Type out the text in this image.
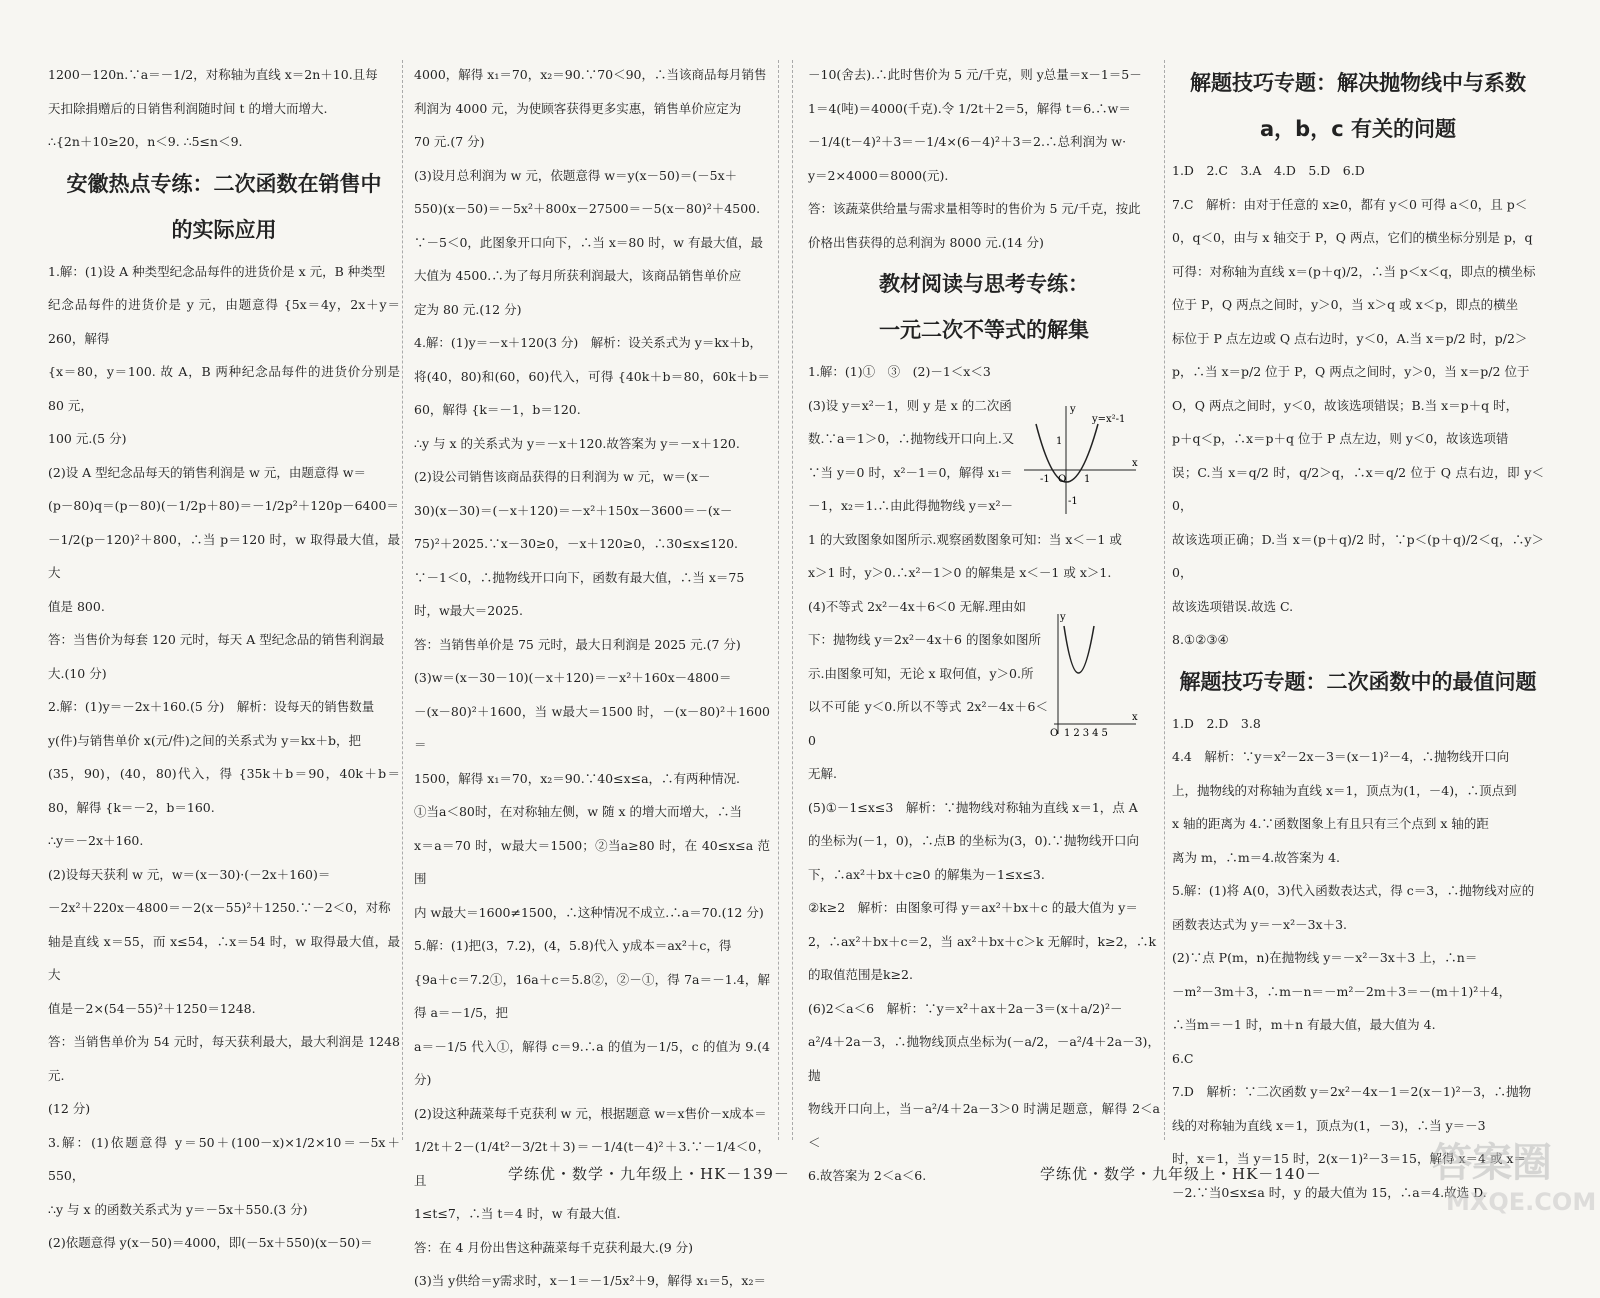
1200－120n.∵a＝－1/2，对称轴为直线 x＝2n＋10.且每

天扣除捐赠后的日销售利润随时间 t 的增大而增大.

∴{2n＋10≥20，n＜9. ∴5≤n＜9.

安徽热点专练：二次函数在销售中
的实际应用

1.解：(1)设 A 种类型纪念品每件的进货价是 x 元，B 种类型

纪念品每件的进货价是 y 元，由题意得 {5x＝4y，2x＋y＝260，解得

{x＝80，y＝100. 故 A，B 两种纪念品每件的进货价分别是 80 元，

100 元.(5 分)

(2)设 A 型纪念品每天的销售利润是 w 元，由题意得 w＝

(p－80)q＝(p－80)(－1/2p＋80)＝－1/2p²＋120p－6400＝

－1/2(p－120)²＋800，∴当 p＝120 时，w 取得最大值，最大

值是 800.

答：当售价为每套 120 元时，每天 A 型纪念品的销售利润最

大.(10 分)

2.解：(1)y＝－2x＋160.(5 分)　解析：设每天的销售数量

y(件)与销售单价 x(元/件)之间的关系式为 y＝kx＋b，把

(35，90)，(40，80)代入，得 {35k＋b＝90，40k＋b＝80，解得 {k＝－2，b＝160.

∴y＝－2x＋160.

(2)设每天获利 w 元，w＝(x－30)·(－2x＋160)＝

－2x²＋220x－4800＝－2(x－55)²＋1250.∵－2＜0，对称

轴是直线 x＝55，而 x≤54，∴x＝54 时，w 取得最大值，最大

值是－2×(54－55)²＋1250＝1248.

答：当销售单价为 54 元时，每天获利最大，最大利润是 1248 元.

(12 分)

3.解：(1)依题意得 y＝50＋(100－x)×1/2×10＝－5x＋550，

∴y 与 x 的函数关系式为 y＝－5x＋550.(3 分)

(2)依题意得 y(x－50)＝4000，即(－5x＋550)(x－50)＝

4000，解得 x₁＝70，x₂＝90.∵70＜90，∴当该商品每月销售

利润为 4000 元，为使顾客获得更多实惠，销售单价应定为

70 元.(7 分)

(3)设月总利润为 w 元，依题意得 w＝y(x－50)＝(－5x＋

550)(x－50)＝－5x²＋800x－27500＝－5(x－80)²＋4500.

∵－5＜0，此图象开口向下，∴当 x＝80 时，w 有最大值，最

大值为 4500.∴为了每月所获利润最大，该商品销售单价应

定为 80 元.(12 分)

4.解：(1)y＝－x＋120(3 分)　解析：设关系式为 y＝kx＋b，

将(40，80)和(60，60)代入，可得 {40k＋b＝80，60k＋b＝60，解得 {k＝－1，b＝120.

∴y 与 x 的关系式为 y＝－x＋120.故答案为 y＝－x＋120.

(2)设公司销售该商品获得的日利润为 w 元，w＝(x－

30)(x－30)＝(－x＋120)＝－x²＋150x－3600＝－(x－

75)²＋2025.∵x－30≥0，－x＋120≥0，∴30≤x≤120.

∵－1＜0，∴抛物线开口向下，函数有最大值，∴当 x＝75

时，w最大＝2025.

答：当销售单价是 75 元时，最大日利润是 2025 元.(7 分)

(3)w＝(x－30－10)(－x＋120)＝－x²＋160x－4800＝

－(x－80)²＋1600，当 w最大＝1500 时，－(x－80)²＋1600＝

1500，解得 x₁＝70，x₂＝90.∵40≤x≤a，∴有两种情况.

①当a＜80时，在对称轴左侧，w 随 x 的增大而增大，∴当

x＝a＝70 时，w最大＝1500；②当a≥80 时，在 40≤x≤a 范围

内 w最大＝1600≠1500，∴这种情况不成立.∴a＝70.(12 分)

5.解：(1)把(3，7.2)，(4，5.8)代入 y成本＝ax²＋c，得

{9a＋c＝7.2①，16a＋c＝5.8②，②－①，得 7a＝－1.4，解得 a＝－1/5，把

a＝－1/5 代入①，解得 c＝9.∴a 的值为－1/5，c 的值为 9.(4 分)

(2)设这种蔬菜每千克获利 w 元，根据题意 w＝x售价－x成本＝

1/2t＋2－(1/4t²－3/2t＋3)＝－1/4(t－4)²＋3.∵－1/4＜0，且

1≤t≤7，∴当 t＝4 时，w 有最大值.

答：在 4 月份出售这种蔬菜每千克获利最大.(9 分)

(3)当 y供给＝y需求时，x－1＝－1/5x²＋9，解得 x₁＝5，x₂＝

－10(舍去).∴此时售价为 5 元/千克，则 y总量＝x－1＝5－

1＝4(吨)＝4000(千克).令 1/2t＋2＝5，解得 t＝6.∴w＝

－1/4(t－4)²＋3＝－1/4×(6－4)²＋3＝2.∴总利润为 w·

y＝2×4000＝8000(元).

答：该蔬菜供给量与需求量相等时的售价为 5 元/千克，按此

价格出售获得的总利润为 8000 元.(14 分)

教材阅读与思考专练：
一元二次不等式的解集

1.解：(1)①　③　(2)－1＜x＜3

(3)设 y＝x²－1，则 y 是 x 的二次函

数.∵a＝1＞0，∴抛物线开口向上.又

∵当 y＝0 时，x²－1＝0，解得 x₁＝

－1，x₂＝1.∴由此得抛物线 y＝x²－

1 的大致图象如图所示.观察函数图象可知：当 x＜－1 或

x＞1 时，y＞0.∴x²－1＞0 的解集是 x＜－1 或 x＞1.

(4)不等式 2x²－4x＋6＜0 无解.理由如

下：抛物线 y＝2x²－4x＋6 的图象如图所

示.由图象可知，无论 x 取何值，y＞0.所

以不可能 y＜0.所以不等式 2x²－4x＋6＜0

无解.

(5)①－1≤x≤3　解析：∵抛物线对称轴为直线 x＝1，点 A

的坐标为(－1，0)，∴点B 的坐标为(3，0).∵抛物线开口向

下，∴ax²＋bx＋c≥0 的解集为－1≤x≤3.

②k≥2　解析：由图象可得 y＝ax²＋bx＋c 的最大值为 y＝

2，∴ax²＋bx＋c＝2，当 ax²＋bx＋c＞k 无解时，k≥2，∴k

的取值范围是k≥2.

(6)2＜a＜6　解析：∵y＝x²＋ax＋2a－3＝(x＋a/2)²－

a²/4＋2a－3，∴抛物线顶点坐标为(－a/2，－a²/4＋2a－3)，抛

物线开口向上，当－a²/4＋2a－3＞0 时满足题意，解得 2＜a＜

6.故答案为 2＜a＜6.

解题技巧专题：解决抛物线中与系数
a，b，c 有关的问题

1.D　2.C　3.A　4.D　5.D　6.D

7.C　解析：由对于任意的 x≥0，都有 y＜0 可得 a＜0，且 p＜

0，q＜0，由与 x 轴交于 P，Q 两点，它们的横坐标分别是 p，q

可得：对称轴为直线 x＝(p＋q)/2，∴当 p＜x＜q，即点的横坐标

位于 P，Q 两点之间时，y＞0，当 x＞q 或 x＜p，即点的横坐

标位于 P 点左边或 Q 点右边时，y＜0，A.当 x＝p/2 时，p/2＞

p，∴当 x＝p/2 位于 P，Q 两点之间时，y＞0，当 x＝p/2 位于

O，Q 两点之间时，y＜0，故该选项错误；B.当 x＝p＋q 时，

p＋q＜p，∴x＝p＋q 位于 P 点左边，则 y＜0，故该选项错

误；C.当 x＝q/2 时，q/2＞q，∴x＝q/2 位于 Q 点右边，即 y＜0，

故该选项正确；D.当 x＝(p＋q)/2 时，∵p＜(p＋q)/2＜q，∴y＞0，

故该选项错误.故选 C.

8.①②③④

解题技巧专题：二次函数中的最值问题

1.D　2.D　3.8

4.4　解析：∵y＝x²－2x－3＝(x－1)²－4，∴抛物线开口向

上，抛物线的对称轴为直线 x＝1，顶点为(1，－4)，∴顶点到

x 轴的距离为 4.∵函数图象上有且只有三个点到 x 轴的距

离为 m，∴m＝4.故答案为 4.

5.解：(1)将 A(0，3)代入函数表达式，得 c＝3，∴抛物线对应的

函数表达式为 y＝－x²－3x＋3.

(2)∵点 P(m，n)在抛物线 y＝－x²－3x＋3 上，∴n＝

－m²－3m＋3，∴m－n＝－m²－2m＋3＝－(m＋1)²＋4，

∴当m＝－1 时，m＋n 有最大值，最大值为 4.

6.C

7.D　解析：∵二次函数 y＝2x²－4x－1＝2(x－1)²－3，∴抛物

线的对称轴为直线 x＝1，顶点为(1，－3)，∴当 y＝－3

时，x＝1，当 y＝15 时，2(x－1)²－3＝15，解得 x＝4 或 x＝

－2.∵当0≤x≤a 时，y 的最大值为 15，∴a＝4.故选 D.

x
y
O
-1	1
-1
1
y=x²-1
O 12345
x
y
学练优・数学・九年级上・HK－139－	学练优・数学・九年级上・HK－140－	答案圈
MXQE.COM
